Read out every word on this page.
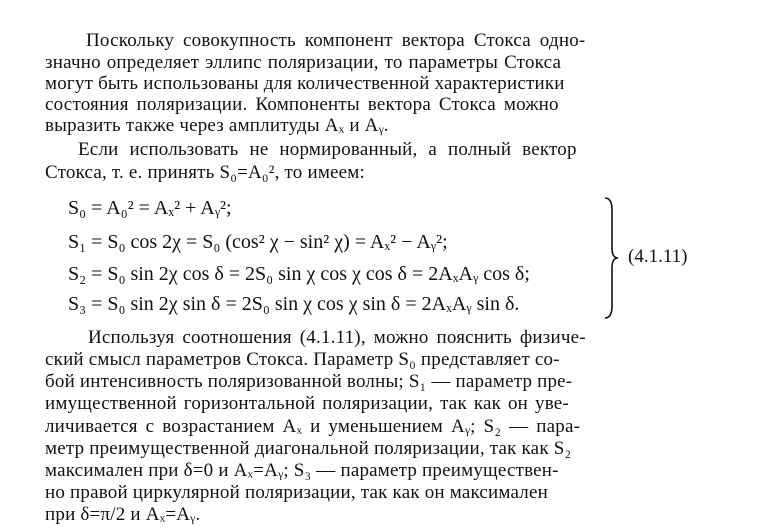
Поскольку совокупность компонент вектора Стокса одно-
значно определяет эллипс поляризации, то параметры Стокса
могут быть использованы для количественной характеристики
состояния поляризации. Компоненты вектора Стокса можно
выразить также через амплитуды Aₓ и Aᵧ.
Если использовать не нормированный, а полный вектор
Стокса, т. е. принять S₀=A₀², то имеем:
S₀ = A₀² = Aₓ² + Aᵧ²;
S₁ = S₀ cos 2χ = S₀ (cos² χ − sin² χ) = Aₓ² − Aᵧ²;
S₂ = S₀ sin 2χ cos δ = 2S₀ sin χ cos χ cos δ = 2AₓAᵧ cos δ;
S₃ = S₀ sin 2χ sin δ = 2S₀ sin χ cos χ sin δ = 2AₓAᵧ sin δ.
(4.1.11)
Используя соотношения (4.1.11), можно пояснить физиче-
ский смысл параметров Стокса. Параметр S₀ представляет со-
бой интенсивность поляризованной волны; S₁ — параметр пре-
имущественной горизонтальной поляризации, так как он уве-
личивается с возрастанием Aₓ и уменьшением Aᵧ; S₂ — пара-
метр преимущественной диагональной поляризации, так как S₂
максимален при δ=0 и Aₓ=Aᵧ; S₃ — параметр преимуществен-
но правой циркулярной поляризации, так как он максимален
при δ=π/2 и Aₓ=Aᵧ.
